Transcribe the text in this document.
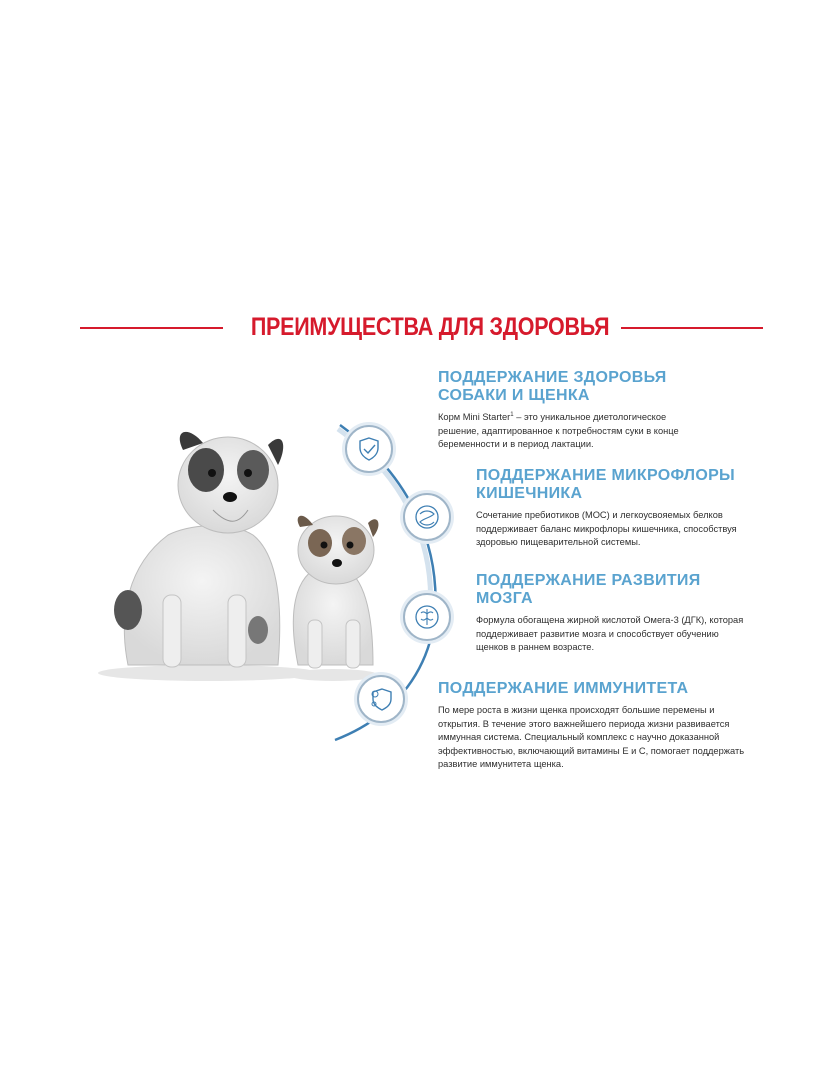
ПРЕИМУЩЕСТВА ДЛЯ ЗДОРОВЬЯ
ПОДДЕРЖАНИЕ ЗДОРОВЬЯ
СОБАКИ И ЩЕНКА

Корм Mini Starter$^1$ – это уникальное диетологическое
решение, адаптированное к потребностям суки в конце
беременности и в период лактации.

ПОДДЕРЖАНИЕ МИКРОФЛОРЫ
КИШЕЧНИКА

Сочетание пребиотиков (МОС) и легкоусвояемых белков
поддерживает баланс микрофлоры кишечника, способствуя
здоровью пищеварительной системы.

ПОДДЕРЖАНИЕ РАЗВИТИЯ
МОЗГА

Формула обогащена жирной кислотой Омега-3 (ДГК), которая
поддерживает развитие мозга и способствует обучению
щенков в раннем возрасте.

ПОДДЕРЖАНИЕ ИММУНИТЕТА

По мере роста в жизни щенка происходят большие перемены и
открытия. В течение этого важнейшего периода жизни развивается
иммунная система. Специальный комплекс с научно доказанной
эффективностью, включающий витамины Е и С, помогает поддержать
развитие иммунитета щенка.
